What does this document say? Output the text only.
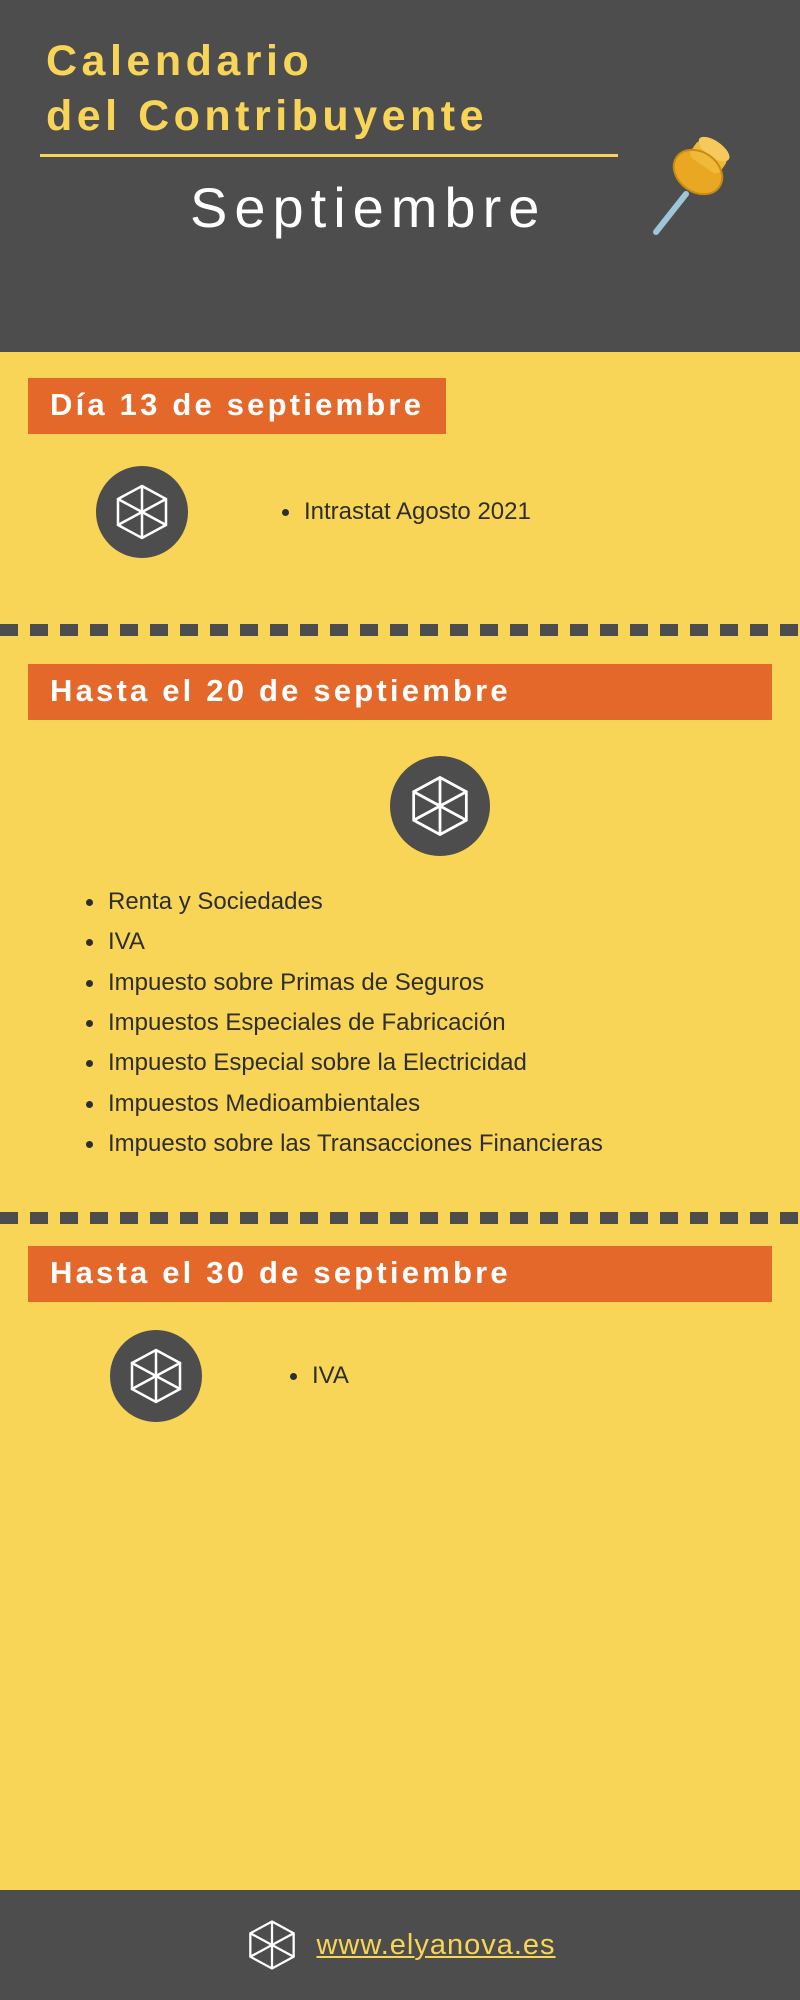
Calendario
del Contribuyente
Septiembre
Día 13 de septiembre
Intrastat Agosto 2021
Hasta el 20 de septiembre
Renta y Sociedades
IVA
Impuesto sobre Primas de Seguros
Impuestos Especiales de Fabricación
Impuesto Especial sobre la Electricidad
Impuestos Medioambientales
Impuesto sobre las Transacciones Financieras
Hasta el 30 de septiembre
IVA
www.elyanova.es
